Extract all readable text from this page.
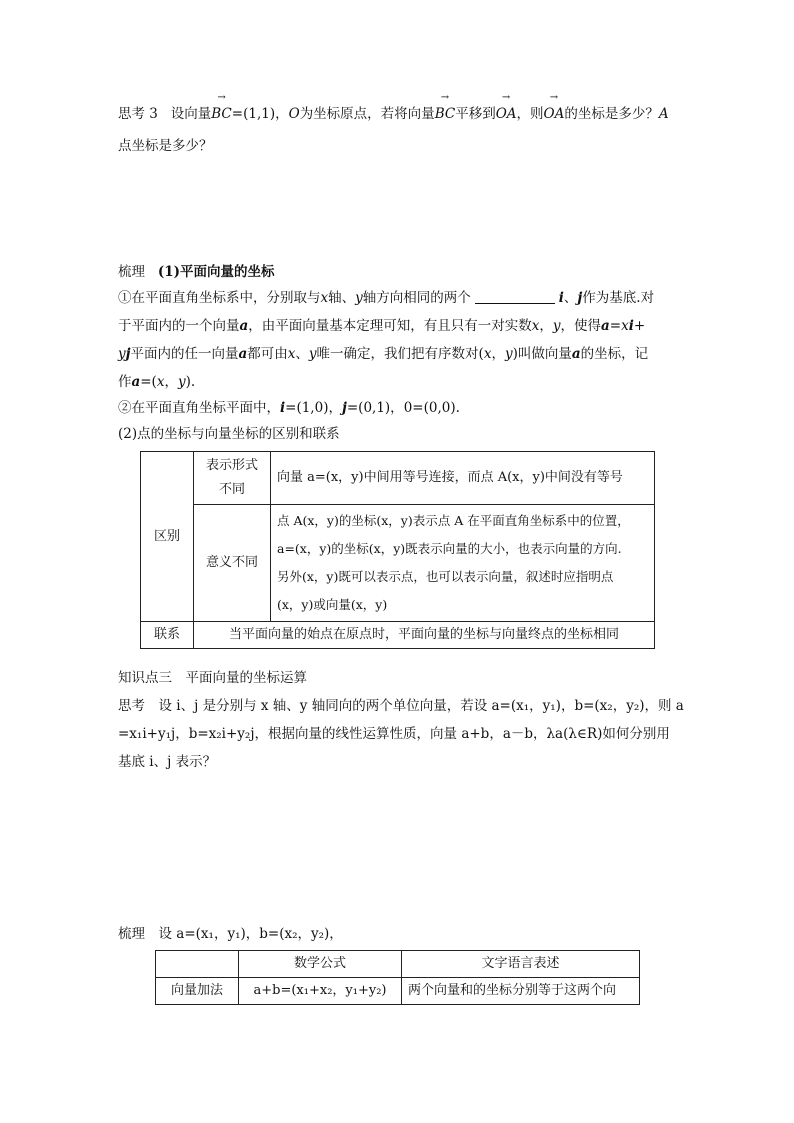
思考 3 设向量→ BC=(1,1)，O为坐标原点，若将向量→ BC平移到→ OA，则→ OA的坐标是多少？A
点坐标是多少？
梳理 (1)平面向量的坐标
①在平面直角坐标系中，分别取与x轴、y轴方向相同的两个	i、j作为基底.对
于平面内的一个向量a，由平面向量基本定理可知，有且只有一对实数x，y，使得a=xi+
yj平面内的任一向量a都可由x、y唯一确定，我们把有序数对(x，y)叫做向量a的坐标，记
作a=(x，y).
②在平面直角坐标平面中，i=(1,0)，j=(0,1)，0=(0,0).
(2)点的坐标与向量坐标的区别和联系
区别	表示形式
不同	向量 a=(x，y)中间用等号连接，而点 A(x，y)中间没有等号
	意义不同	点 A(x，y)的坐标(x，y)表示点 A 在平面直角坐标系中的位置，
a=(x，y)的坐标(x，y)既表示向量的大小，也表示向量的方向.
另外(x，y)既可以表示点，也可以表示向量，叙述时应指明点
(x，y)或向量(x，y)

联系	当平面向量的始点在原点时，平面向量的坐标与向量终点的坐标相同	
知识点三　平面向量的坐标运算
思考　设 i、j 是分别与 x 轴、y 轴同向的两个单位向量，若设 a=(x₁，y₁)，b=(x₂，y₂)，则 a
=x₁i+y₁j，b=x₂i+y₂j，根据向量的线性运算性质，向量 a+b，a－b，λa(λ∈R)如何分别用
基底 i、j 表示？
梳理　设 a=(x₁，y₁)，b=(x₂，y₂)，
	数学公式	文字语言表述
向量加法	a+b=(x₁+x₂，y₁+y₂)	两个向量和的坐标分别等于这两个向
